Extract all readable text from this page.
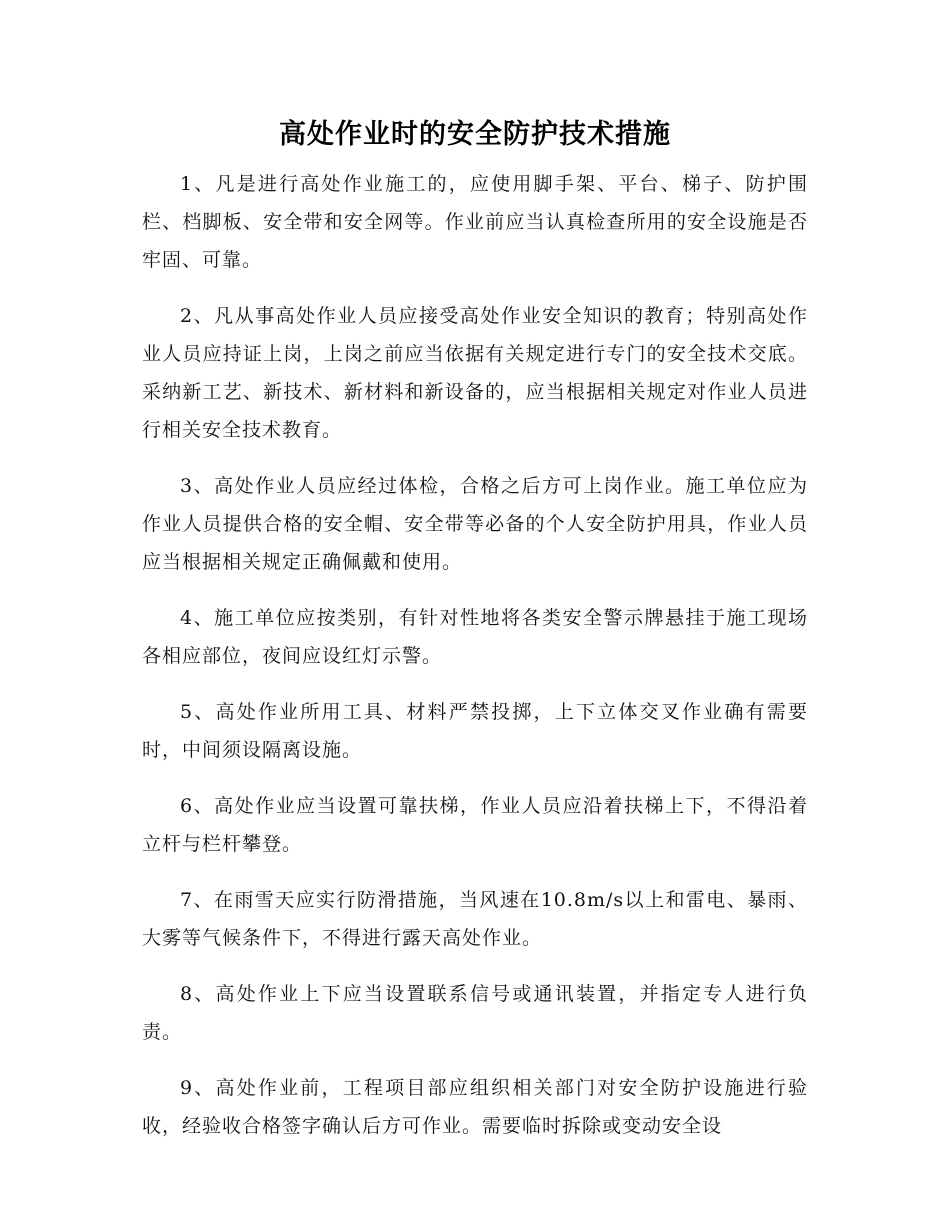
高处作业时的安全防护技术措施

1、凡是进行高处作业施工的，应使用脚手架、平台、梯子、防护围栏、档脚板、安全带和安全网等。作业前应当认真检查所用的安全设施是否牢固、可靠。

2、凡从事高处作业人员应接受高处作业安全知识的教育；特别高处作业人员应持证上岗，上岗之前应当依据有关规定进行专门的安全技术交底。采纳新工艺、新技术、新材料和新设备的，应当根据相关规定对作业人员进行相关安全技术教育。

3、高处作业人员应经过体检，合格之后方可上岗作业。施工单位应为作业人员提供合格的安全帽、安全带等必备的个人安全防护用具，作业人员应当根据相关规定正确佩戴和使用。

4、施工单位应按类别，有针对性地将各类安全警示牌悬挂于施工现场各相应部位，夜间应设红灯示警。

5、高处作业所用工具、材料严禁投掷，上下立体交叉作业确有需要时，中间须设隔离设施。

6、高处作业应当设置可靠扶梯，作业人员应沿着扶梯上下，不得沿着立杆与栏杆攀登。

7、在雨雪天应实行防滑措施，当风速在10.8m/s以上和雷电、暴雨、大雾等气候条件下，不得进行露天高处作业。

8、高处作业上下应当设置联系信号或通讯装置，并指定专人进行负责。

9、高处作业前，工程项目部应组织相关部门对安全防护设施进行验收，经验收合格签字确认后方可作业。需要临时拆除或变动安全设
